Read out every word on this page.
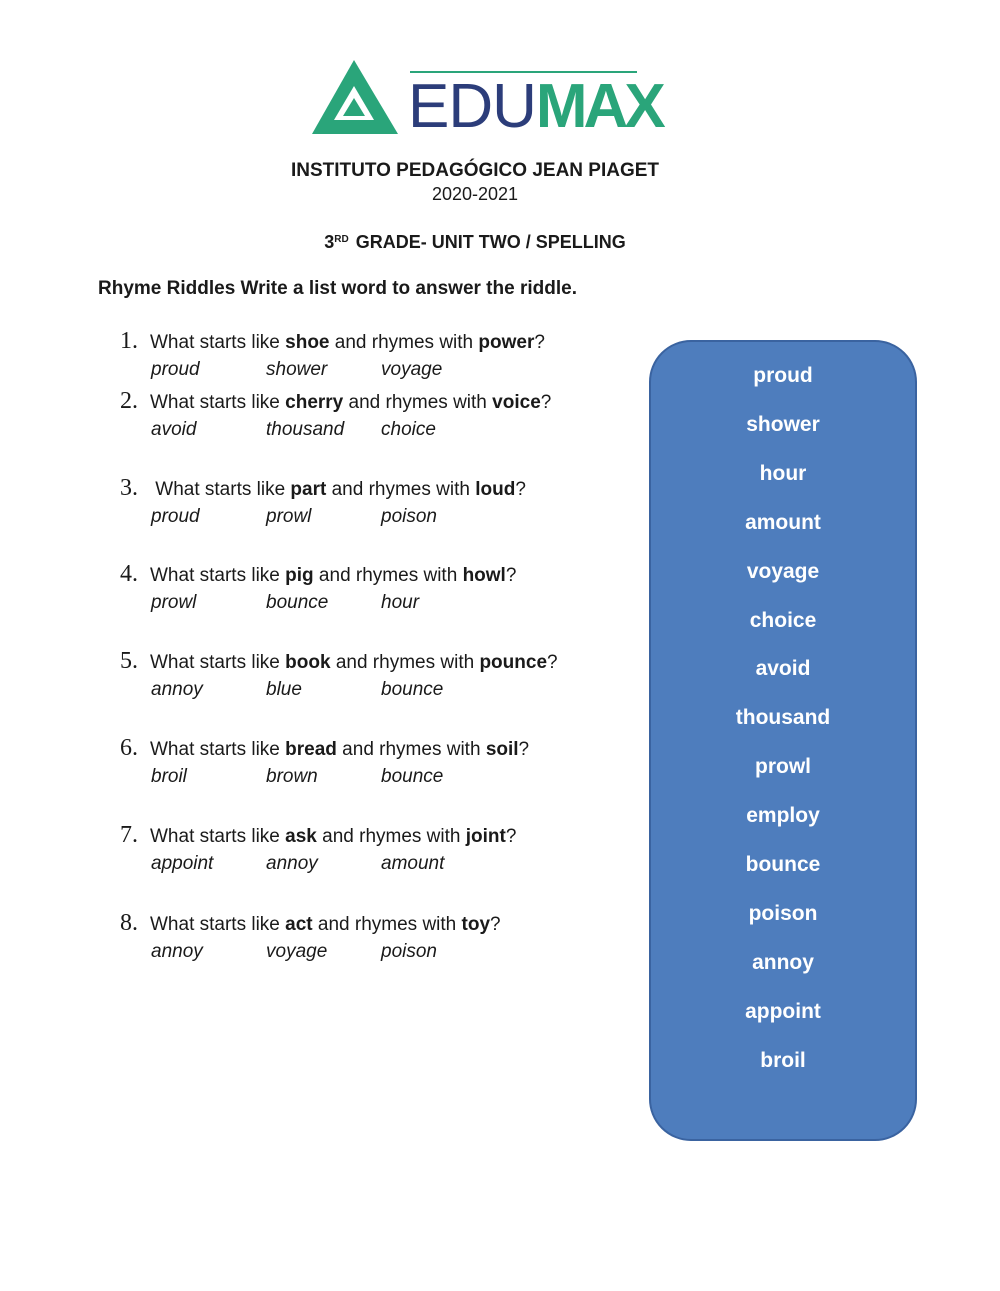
EDUMAX
INSTITUTO PEDAGÓGICO JEAN PIAGET
2020-2021
3RD GRADE- UNIT TWO / SPELLING
Rhyme Riddles Write a list word to answer the riddle.
1. What starts like shoe and rhymes with power?
proud	shower	voyage
2. What starts like cherry and rhymes with voice?
avoid	thousand choice
3. What starts like part and rhymes with loud?
proud	prowl	poison
4. What starts like pig and rhymes with howl?
prowl	bounce	hour
5. What starts like book and rhymes with pounce?
annoy	blue	bounce
6. What starts like bread and rhymes with soil?
broil	brown	bounce
7. What starts like ask and rhymes with joint?
appoint	annoy	amount
8. What starts like act and rhymes with toy?
annoy	voyage	poison
proud
shower
hour
amount
voyage
choice
avoid
thousand
prowl
employ
bounce
poison
annoy
appoint
broil
